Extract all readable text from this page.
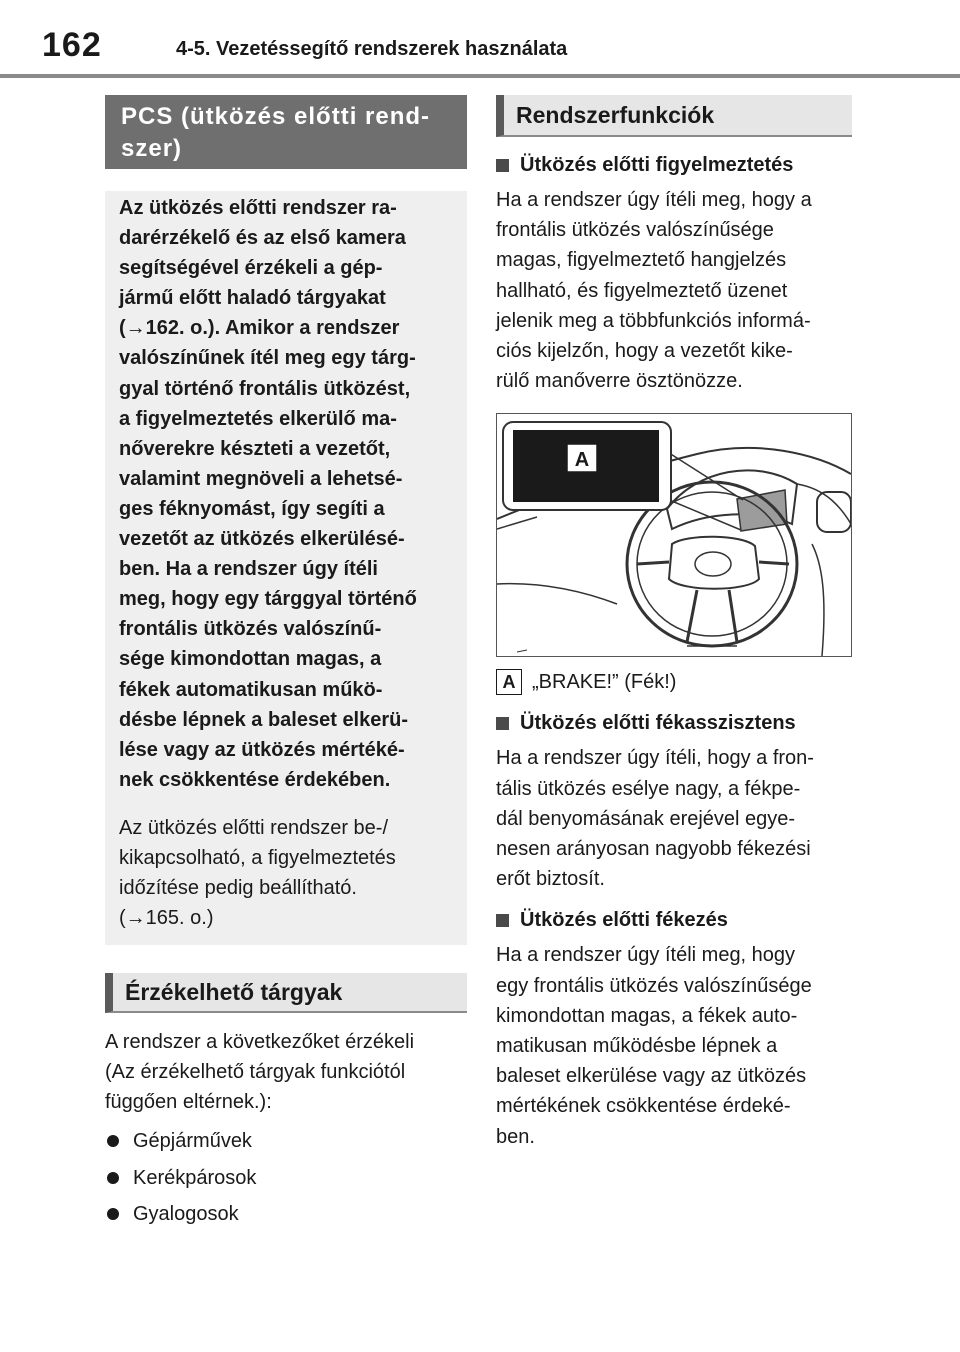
162	4-5. Vezetéssegítő rendszerek használata
PCS (ütközés előtti rend-
szer)
Az ütközés előtti rendszer ra-
darérzékelő és az első kamera
segítségével érzékeli a gép-
jármű előtt haladó tárgyakat
(→162. o.). Amikor a rendszer
valószínűnek ítél meg egy tárg-
gyal történő frontális ütközést,
a figyelmeztetés elkerülő ma-
nőverekre készteti a vezetőt,
valamint megnöveli a lehetsé-
ges féknyomást, így segíti a
vezetőt az ütközés elkerülésé-
ben. Ha a rendszer úgy ítéli
meg, hogy egy tárggyal történő
frontális ütközés valószínű-
sége kimondottan magas, a
fékek automatikusan műkö-
désbe lépnek a baleset elkerü-
lése vagy az ütközés mértéké-
nek csökkentése érdekében.
Az ütközés előtti rendszer be-/
kikapcsolható, a figyelmeztetés
időzítése pedig beállítható.
(→165. o.)
Érzékelhető tárgyak
A rendszer a következőket érzékeli
(Az érzékelhető tárgyak funkciótól
függően eltérnek.):
Gépjárművek
Kerékpárosok
Gyalogosok
Rendszerfunkciók
Ütközés előtti figyelmeztetés
Ha a rendszer úgy ítéli meg, hogy a
frontális ütközés valószínűsége
magas, figyelmeztető hangjelzés
hallható, és figyelmeztető üzenet
jelenik meg a többfunkciós informá-
ciós kijelzőn, hogy a vezetőt kike-
rülő manőverre ösztönözze.
A
A „BRAKE!” (Fék!)
Ütközés előtti fékasszisztens
Ha a rendszer úgy ítéli, hogy a fron-
tális ütközés esélye nagy, a fékpe-
dál benyomásának erejével egye-
nesen arányosan nagyobb fékezési
erőt biztosít.
Ütközés előtti fékezés
Ha a rendszer úgy ítéli meg, hogy
egy frontális ütközés valószínűsége
kimondottan magas, a fékek auto-
matikusan működésbe lépnek a
baleset elkerülése vagy az ütközés
mértékének csökkentése érdeké-
ben.
